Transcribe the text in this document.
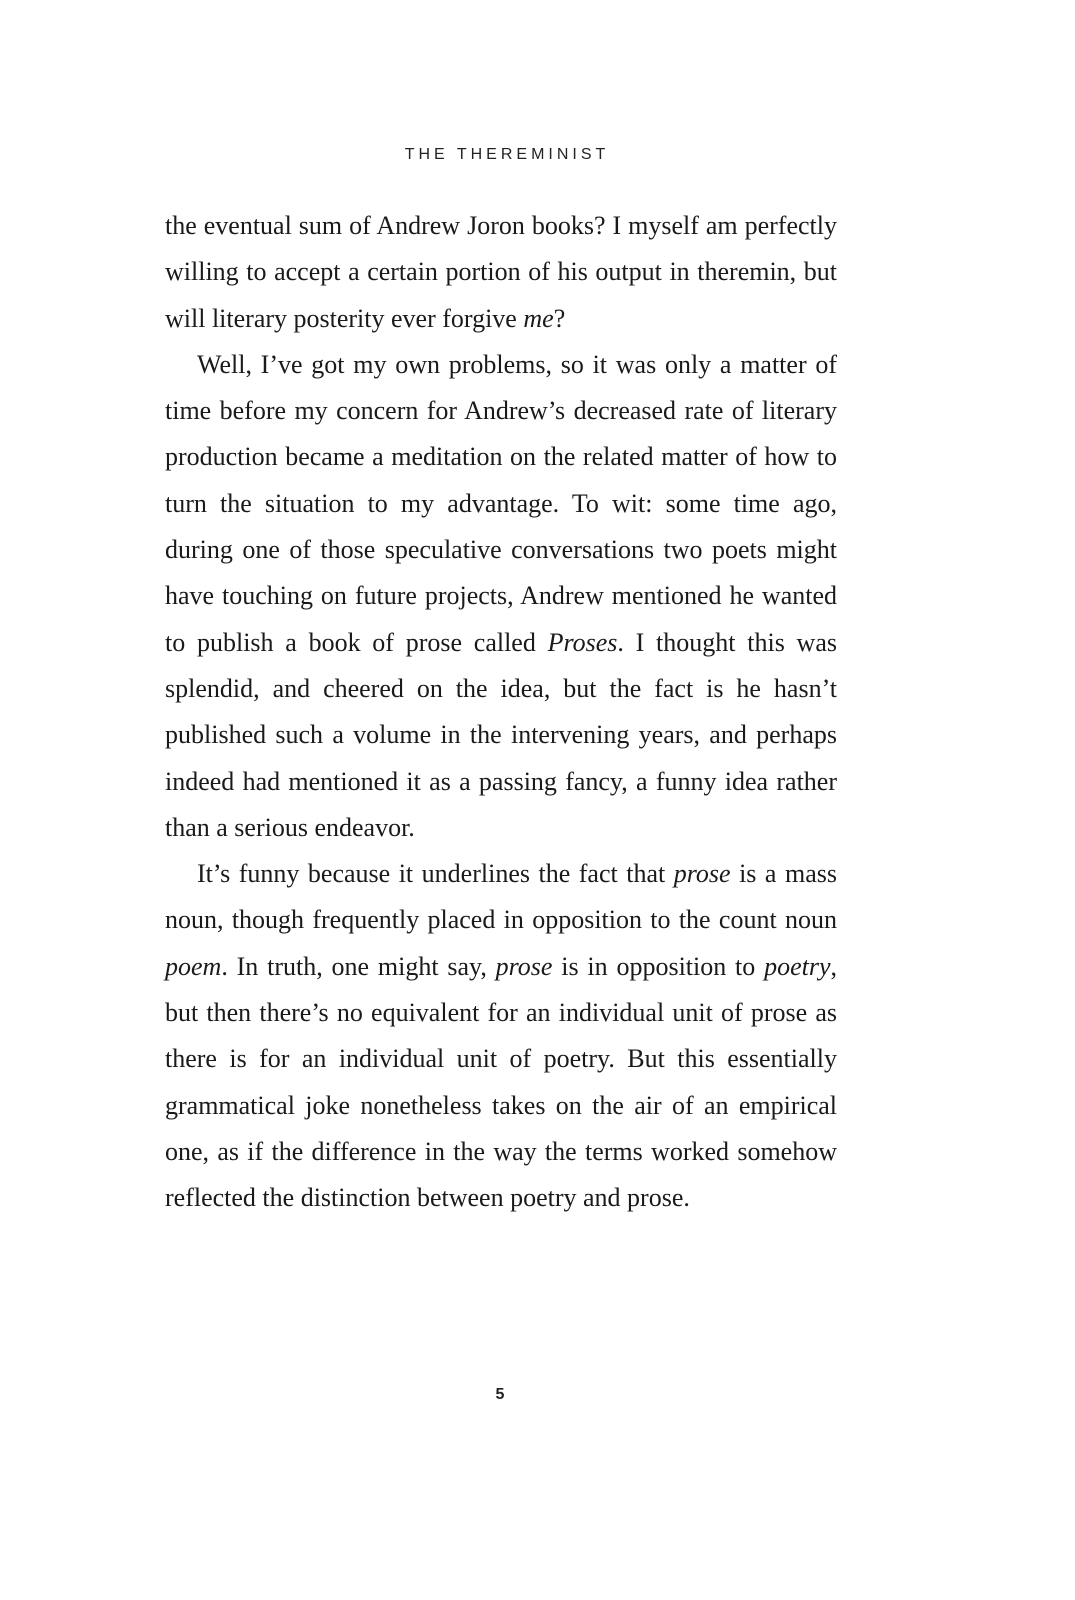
THE THEREMINIST

the eventual sum of Andrew Joron books? I myself am perfectly willing to accept a certain portion of his output in theremin, but will literary posterity ever forgive me?

Well, I’ve got my own problems, so it was only a matter of time before my concern for Andrew’s decreased rate of literary production became a meditation on the related matter of how to turn the situation to my advantage. To wit: some time ago, during one of those speculative conversations two poets might have touching on future projects, Andrew mentioned he wanted to publish a book of prose called Proses. I thought this was splendid, and cheered on the idea, but the fact is he hasn’t published such a volume in the intervening years, and perhaps indeed had mentioned it as a passing fancy, a funny idea rather than a serious endeavor.

It’s funny because it underlines the fact that prose is a mass noun, though frequently placed in opposition to the count noun poem. In truth, one might say, prose is in opposition to poetry, but then there’s no equivalent for an individual unit of prose as there is for an individual unit of poetry. But this essentially grammatical joke nonetheless takes on the air of an empirical one, as if the difference in the way the terms worked somehow reflected the distinction between poetry and prose.

5
